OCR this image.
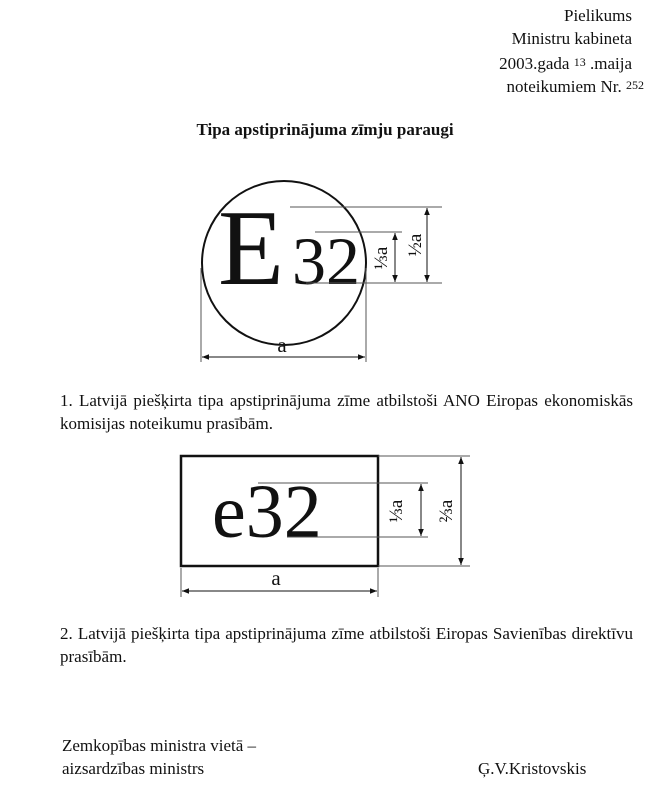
Pielikums
Ministru kabineta
2003.gada 13 .maija
noteikumiem Nr. 252
Tipa apstiprinājuma zīmju paraugi
E 32 ⅓a
½a
a
e32	⅓a ⅔a
a
1. Latvijā piešķirta tipa apstiprinājuma zīme atbilstoši ANO Eiropas ekonomiskās komisijas noteikumu prasībām.
2. Latvijā piešķirta tipa apstiprinājuma zīme atbilstoši Eiropas Savienības direktīvu prasībām.
Zemkopības ministra vietā –
aizsardzības ministrs	Ģ.V.Kristovskis
